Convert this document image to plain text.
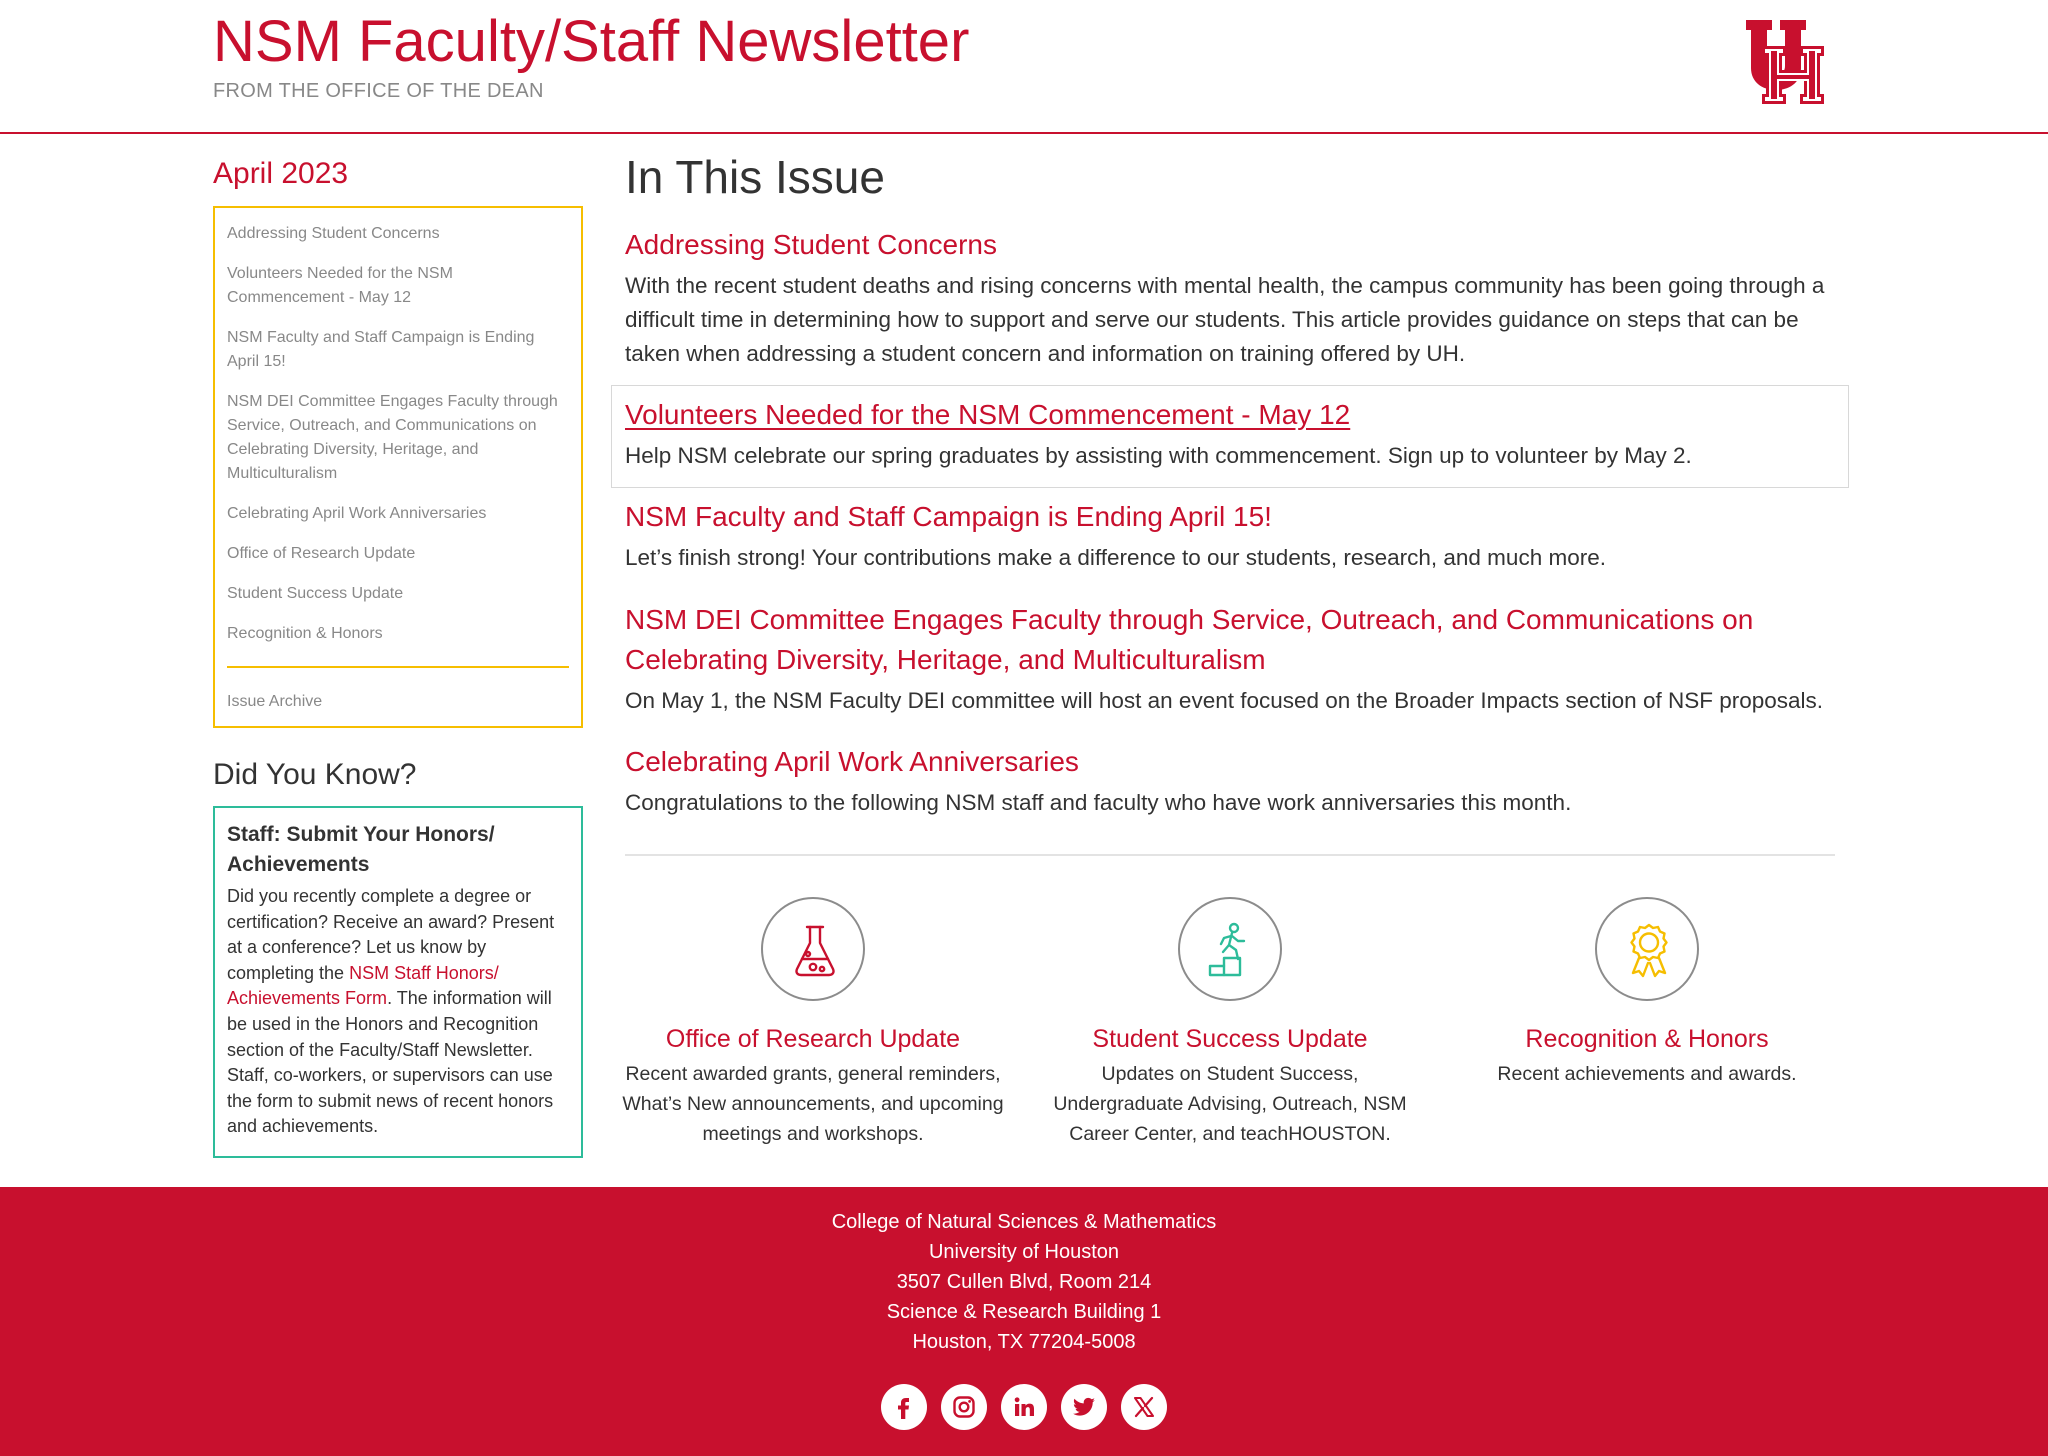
NSM Faculty/Staff Newsletter
FROM THE OFFICE OF THE DEAN
April 2023
Addressing Student Concerns
Volunteers Needed for the NSM Commencement - May 12
NSM Faculty and Staff Campaign is Ending April 15!
NSM DEI Committee Engages Faculty through Service, Outreach, and Communications on Celebrating Diversity, Heritage, and Multiculturalism
Celebrating April Work Anniversaries
Office of Research Update
Student Success Update
Recognition & Honors
Issue Archive
Did You Know?
Staff: Submit Your Honors/ Achievements
Did you recently complete a degree or certification? Receive an award? Present at a conference? Let us know by completing the NSM Staff Honors/ Achievements Form. The information will be used in the Honors and Recognition section of the Faculty/Staff Newsletter. Staff, co-workers, or supervisors can use the form to submit news of recent honors and achievements.
In This Issue
Addressing Student Concerns

With the recent student deaths and rising concerns with mental health, the campus community has been going through a difficult time in determining how to support and serve our students. This article provides guidance on steps that can be taken when addressing a student concern and information on training offered by UH.

Volunteers Needed for the NSM Commencement - May 12

Help NSM celebrate our spring graduates by assisting with commencement. Sign up to volunteer by May 2.

NSM Faculty and Staff Campaign is Ending April 15!

Let’s finish strong! Your contributions make a difference to our students, research, and much more.

NSM DEI Committee Engages Faculty through Service, Outreach, and Communications on Celebrating Diversity, Heritage, and Multiculturalism

On May 1, the NSM Faculty DEI committee will host an event focused on the Broader Impacts section of NSF proposals.

Celebrating April Work Anniversaries

Congratulations to the following NSM staff and faculty who have work anniversaries this month.

Office of Research Update

Recent awarded grants, general reminders, What’s New announcements, and upcoming meetings and workshops.

Student Success Update

Updates on Student Success, Undergraduate Advising, Outreach, NSM Career Center, and teachHOUSTON.

Recognition & Honors

Recent achievements and awards.

College of Natural Sciences & Mathematics
University of Houston
3507 Cullen Blvd, Room 214
Science & Research Building 1
Houston, TX 77204-5008
